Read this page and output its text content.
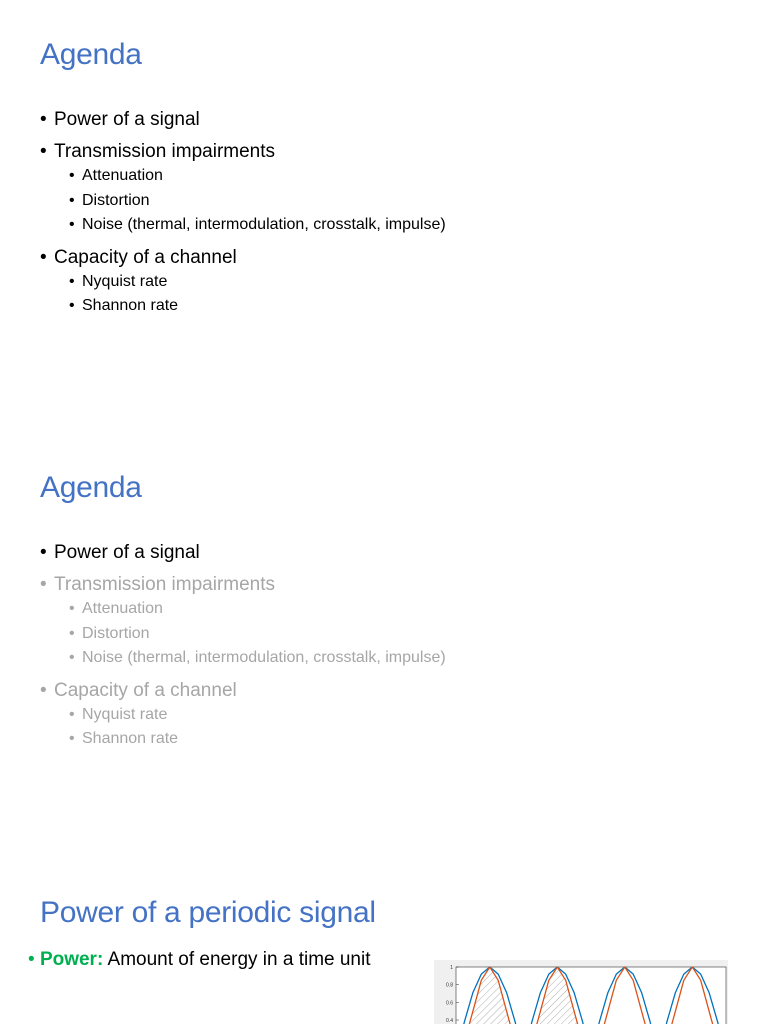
Agenda
• Power of a signal
• Transmission impairments
• Attenuation
• Distortion
• Noise (thermal, intermodulation, crosstalk, impulse)
• Capacity of a channel
• Nyquist rate
• Shannon rate
Agenda
• Power of a signal
• Transmission impairments
• Attenuation
• Distortion
• Noise (thermal, intermodulation, crosstalk, impulse)
• Capacity of a channel
• Nyquist rate
• Shannon rate
Power of a periodic signal
• Power: Amount of energy in a time unit	1
0.8
0.6
0.4
